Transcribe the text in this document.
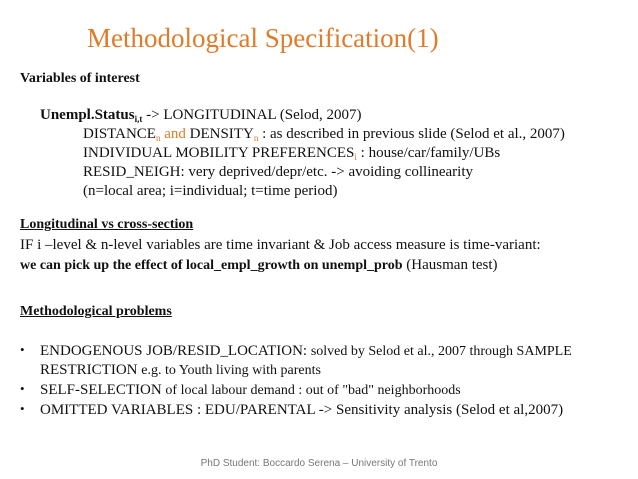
Methodological Specification(1)
Variables of interest
Unempl.Status$_{i,t}$ -> LONGITUDINAL (Selod, 2007)
$DISTANCE_n$ and $DENSITY_n$ : as described in previous slide (Selod et al., 2007)
INDIVIDUAL MOBILITY $PREFERENCES_i$ : house/car/family/UBs
RESID_NEIGH: very deprived/depr/etc. -> avoiding collinearity
(n=local area; i=individual; t=time period)
Longitudinal vs cross-section
IF i –level & n-level variables are time invariant & Job access measure is time-variant:
we can pick up the effect of local_empl_growth on unempl_prob (Hausman test)
Methodological problems
• ENDOGENOUS JOB/RESID_LOCATION: solved by Selod et al., 2007 through SAMPLE
RESTRICTION e.g. to Youth living with parents
• SELF-SELECTION of local labour demand : out of "bad" neighborhoods
• OMITTED VARIABLES : EDU/PARENTAL -> Sensitivity analysis (Selod et al,2007)
PhD Student: Boccardo Serena – University of Trento
